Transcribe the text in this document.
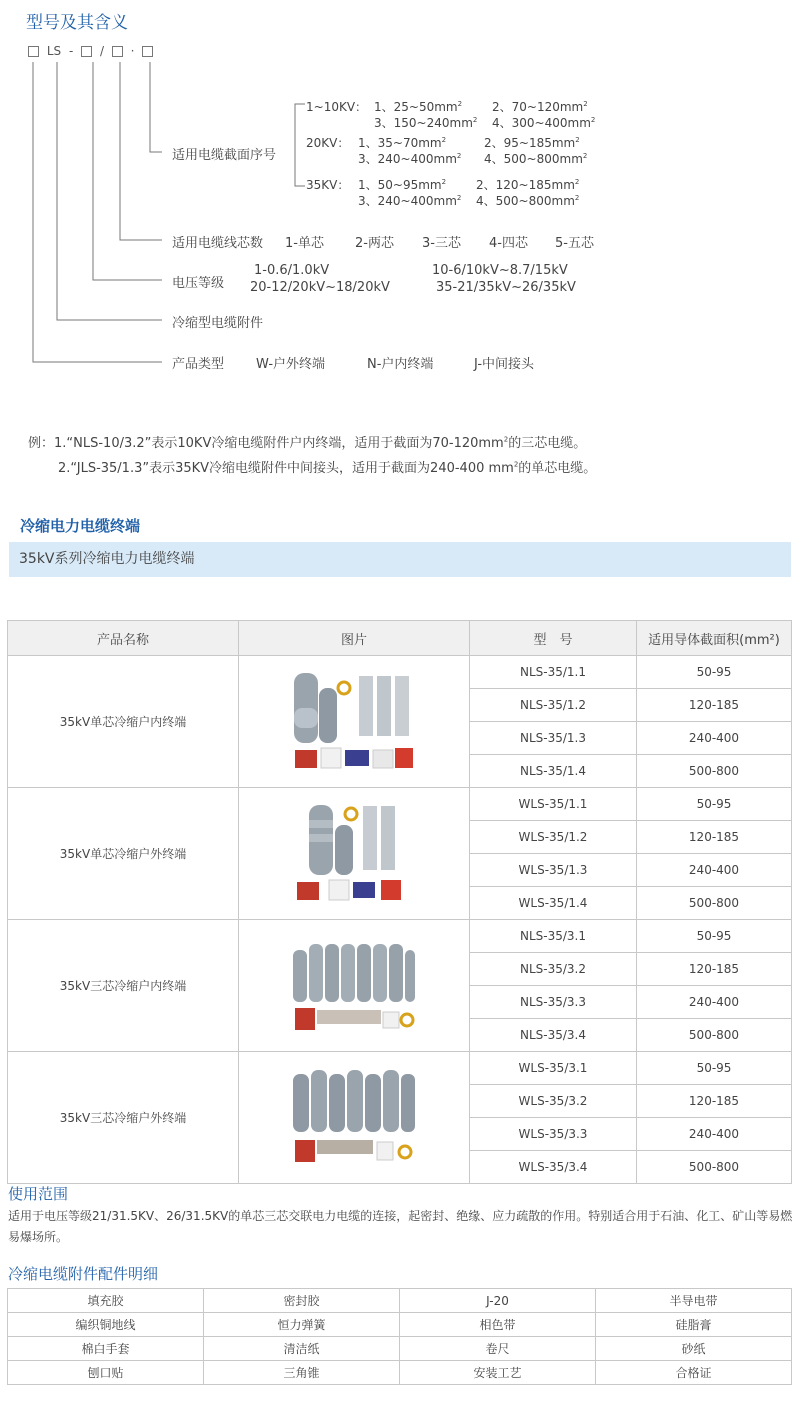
型号及其含义
LS - / ·
适用电缆截面序号
1~10KV： 1、$25\sim 50mm^2$ 2、$70\sim 120mm^2$
3、$150\sim 240mm^2$ 4、$300\sim 400mm^2$
20KV： 1、$35\sim 70mm^2$	2、$95\sim 185mm^2$
3、$240\sim 400mm^2$ 4、$500\sim 800mm^2$
35KV： 1、$50\sim 95mm^2$ 2、$120\sim 185mm^2$
3、$240\sim 400mm^2$ 4、$500\sim 800mm^2$
适用电缆线芯数 1-单芯 2-两芯 3-三芯 4-四芯 5-五芯
电压等级
1-0.6/1.0kV	10-6/10kV~8.7/15kV
20-12/20kV~18/20kV	35-21/35kV~26/35kV
冷缩型电缆附件
产品类型 W-户外终端	N-户内终端	J-中间接头
例：1.“NLS-10/3.2”表示10KV冷缩电缆附件户内终端，适用于截面为$70-120mm^2$的三芯电缆。
2.“JLS-35/1.3”表示35KV冷缩电缆附件中间接头，适用于截面为240-400 $mm^2$的单芯电缆。
冷缩电力电缆终端
35kV系列冷缩电力电缆终端
产品名称	图片	型　号	适用导体截面积(mm²)
35kV单芯冷缩户内终端		NLS-35/1.1	50-95
		NLS-35/1.2	120-185
		NLS-35/1.3	240-400
		NLS-35/1.4	500-800
35kV单芯冷缩户外终端		WLS-35/1.1	50-95
		WLS-35/1.2	120-185
		WLS-35/1.3	240-400
		WLS-35/1.4	500-800
35kV三芯冷缩户内终端		NLS-35/3.1	50-95
		NLS-35/3.2	120-185
		NLS-35/3.3	240-400
		NLS-35/3.4	500-800
35kV三芯冷缩户外终端		WLS-35/3.1	50-95
		WLS-35/3.2	120-185
		WLS-35/3.3	240-400
		WLS-35/3.4	500-800
使用范围
适用于电压等级21/31.5KV、26/31.5KV的单芯三芯交联电力电缆的连接，起密封、绝缘、应力疏散的作用。特别适合用于石油、化工、矿山等易燃易爆场所。
冷缩电缆附件配件明细
填充胶	密封胶	J-20	半导电带
编织铜地线	恒力弹簧	相色带	硅脂膏
棉白手套	清洁纸	卷尺	砂纸
刨口贴	三角锥	安装工艺	合格证
